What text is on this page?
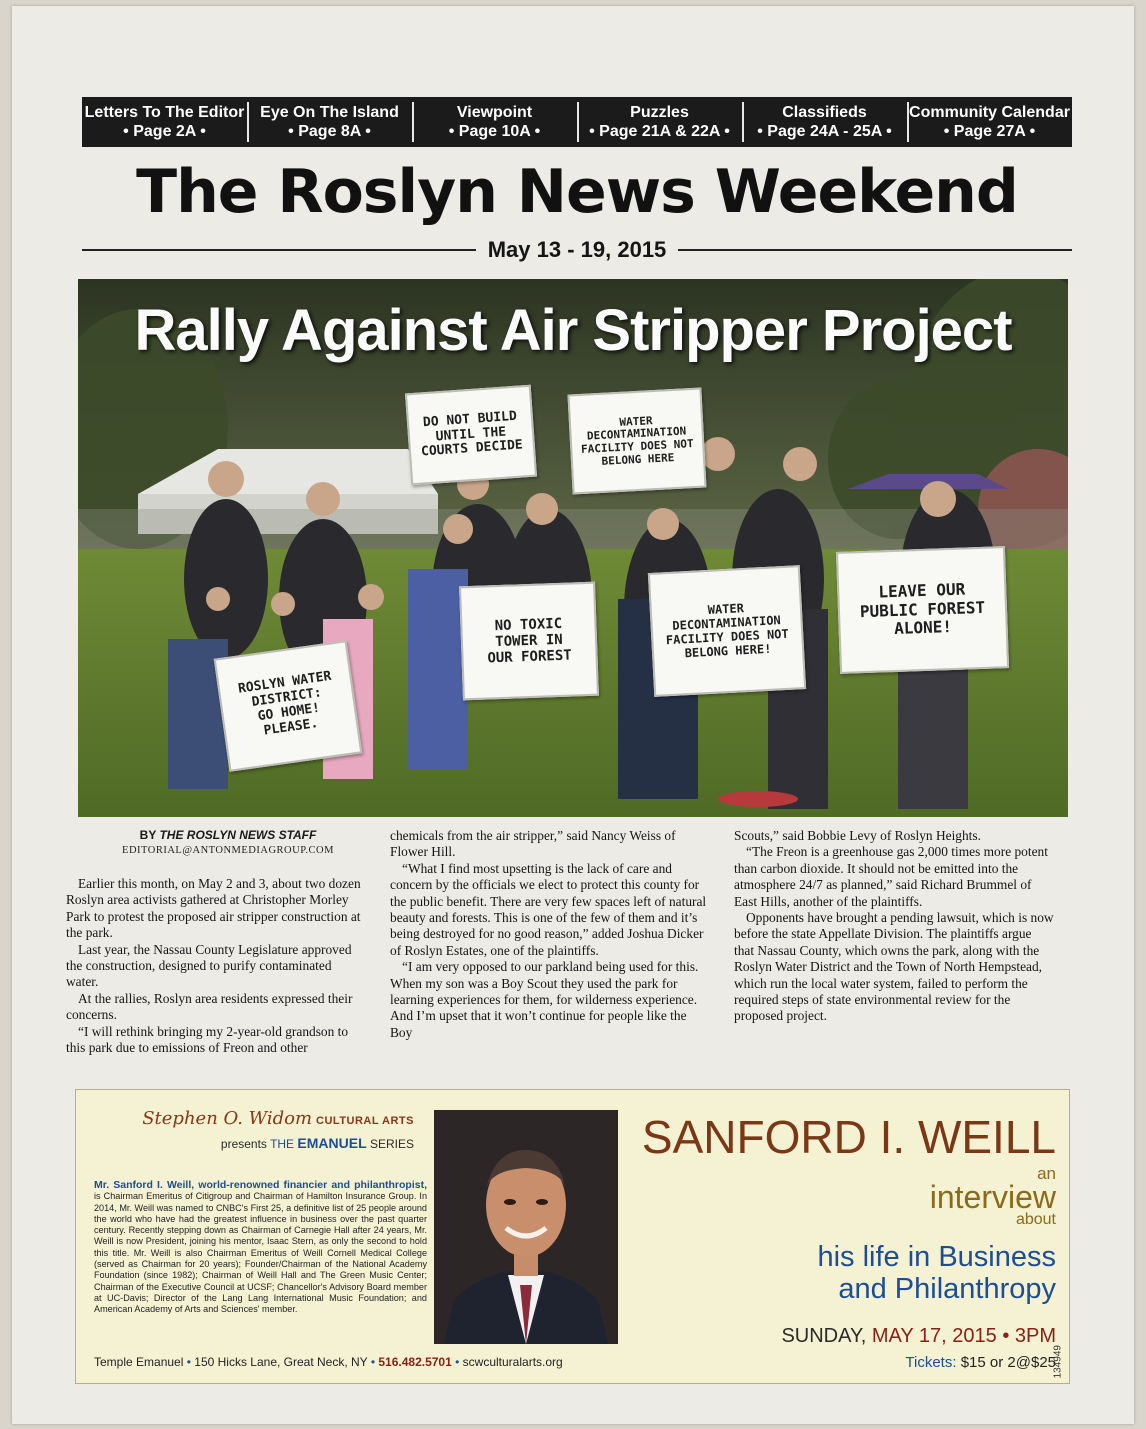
Letters To The Editor
• Page 2A •
Eye On The Island
• Page 8A •
Viewpoint
• Page 10A •
Puzzles
• Page 21A & 22A •
Classifieds
• Page 24A - 25A •
Community Calendar
• Page 27A •
The Roslyn News Weekend
May 13 - 19, 2015
Rally Against Air Stripper Project
DO NOT BUILD
UNTIL THE
COURTS DECIDE
WATER
DECONTAMINATION
FACILITY DOES NOT
BELONG HERE
ROSLYN WATER
DISTRICT:
GO HOME!
PLEASE.
NO TOXIC
TOWER IN
OUR FOREST
WATER
DECONTAMINATION
FACILITY DOES NOT
BELONG HERE!
LEAVE OUR
PUBLIC FOREST
ALONE!
BY THE ROSLYN NEWS STAFF
EDITORIAL@ANTONMEDIAGROUP.COM

Earlier this month, on May 2 and 3, about two dozen Roslyn area activists gathered at Christopher Morley Park to protest the proposed air stripper construction at the park.

Last year, the Nassau County Legislature approved the construction, designed to purify contaminated water.

At the rallies, Roslyn area residents expressed their concerns.

“I will rethink bringing my 2-year-old grandson to this park due to emissions of Freon and other

chemicals from the air stripper,” said Nancy Weiss of Flower Hill.

“What I find most upsetting is the lack of care and concern by the officials we elect to protect this county for the public benefit. There are very few spaces left of natural beauty and forests. This is one of the few of them and it’s being destroyed for no good reason,” added Joshua Dicker of Roslyn Estates, one of the plaintiffs.

“I am very opposed to our parkland being used for this. When my son was a Boy Scout they used the park for learning experiences for them, for wilderness experience. And I’m upset that it won’t continue for people like the Boy

Scouts,” said Bobbie Levy of Roslyn Heights.

“The Freon is a greenhouse gas 2,000 times more potent than carbon dioxide. It should not be emitted into the atmosphere 24/7 as planned,” said Richard Brummel of East Hills, another of the plaintiffs.

Opponents have brought a pending lawsuit, which is now before the state Appellate Division. The plaintiffs argue that Nassau County, which owns the park, along with the Roslyn Water District and the Town of North Hempstead, which run the local water system, failed to perform the required steps of state environmental review for the proposed project.

Stephen O. Widom CULTURAL ARTS
presents THE EMANUEL SERIES
Mr. Sanford I. Weill, world-renowned financier and philanthropist, is Chairman Emeritus of Citigroup and Chairman of Hamilton Insurance Group. In 2014, Mr. Weill was named to CNBC's First 25, a definitive list of 25 people around the world who have had the greatest influence in business over the past quarter century. Recently stepping down as Chairman of Carnegie Hall after 24 years, Mr. Weill is now President, joining his mentor, Isaac Stern, as only the second to hold this title. Mr. Weill is also Chairman Emeritus of Weill Cornell Medical College (served as Chairman for 20 years); Founder/Chairman of the National Academy Foundation (since 1982); Chairman of Weill Hall and The Green Music Center; Chairman of the Executive Council at UCSF; Chancellor's Advisory Board member at UC-Davis; Director of the Lang Lang International Music Foundation; and American Academy of Arts and Sciences' member.
SANFORD I. WEILL
an
interview
about
his life in Business
and Philanthropy
SUNDAY, MAY 17, 2015 • 3PM
Tickets: $15 or 2@$25
Temple Emanuel • 150 Hicks Lane, Great Neck, NY • 516.482.5701 • scwculturalarts.org	134949
